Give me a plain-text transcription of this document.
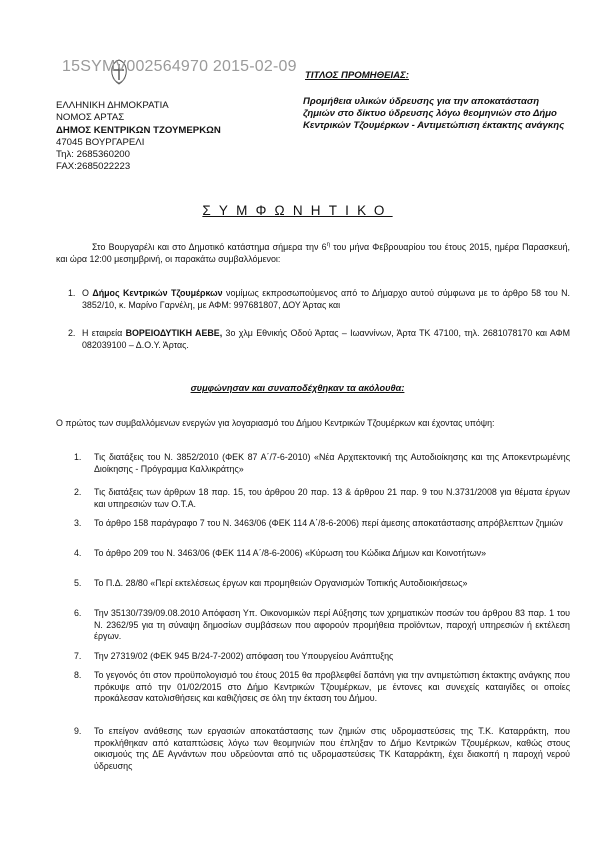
15SYMV002564970 2015-02-09
ΕΛΛΗΝΙΚΗ ΔΗΜΟΚΡΑΤΙΑ
ΝΟΜΟΣ ΑΡΤΑΣ
ΔΗΜΟΣ ΚΕΝΤΡΙΚΩΝ ΤΖΟΥΜΕΡΚΩΝ
47045 ΒΟΥΡΓΑΡΕΛΙ
Τηλ: 2685360200
FAX:2685022223
ΤΙΤΛΟΣ ΠΡΟΜΗΘΕΙΑΣ:
Προμήθεια υλικών ύδρευσης για την αποκατάσταση ζημιών στο δίκτυο ύδρευσης λόγω θεομηνιών στο Δήμο Κεντρικών Τζουμέρκων - Αντιμετώπιση έκτακτης ανάγκης
ΣΥΜΦΩΝΗΤΙΚΟ
Στο Βουργαρέλι και στο Δημοτικό κατάστημα σήμερα την $6^\eta$ του μήνα Φεβρουαρίου του έτους 2015, ημέρα Παρασκευή, και ώρα 12:00 μεσημβρινή, οι παρακάτω συμβαλλόμενοι:
1. Ο Δήμος Κεντρικών Τζουμέρκων νομίμως εκπροσωπούμενος από το Δήμαρχο αυτού σύμφωνα με το άρθρο 58 του Ν. 3852/10, κ. Μαρίνο Γαρνέλη, με ΑΦΜ: 997681807, ΔΟΥ Άρτας και
2. Η εταιρεία ΒΟΡΕΙΟΔΥΤΙΚΗ ΑΕΒΕ, 3ο χλμ Εθνικής Οδού Άρτας – Ιωαννίνων, Άρτα ΤΚ 47100, τηλ. 2681078170 και ΑΦΜ 082039100 – Δ.Ο.Υ. Άρτας.
συμφώνησαν και συναποδέχθηκαν τα ακόλουθα:
Ο πρώτος των συμβαλλόμενων ενεργών για λογαριασμό του Δήμου Κεντρικών Τζουμέρκων και έχοντας υπόψη:
1. Τις διατάξεις του Ν. 3852/2010 (ΦΕΚ 87 Α΄/7-6-2010) «Νέα Αρχιτεκτονική της Αυτοδιοίκησης και της Αποκεντρωμένης Διοίκησης - Πρόγραμμα Καλλικράτης»
2. Τις διατάξεις των άρθρων 18 παρ. 15, του άρθρου 20 παρ. 13 & άρθρου 21 παρ. 9 του Ν.3731/2008 για θέματα έργων και υπηρεσιών των Ο.Τ.Α.
3. Το άρθρο 158 παράγραφο 7 του Ν. 3463/06 (ΦΕΚ 114 Α΄/8-6-2006) περί άμεσης αποκατάστασης απρόβλεπτων ζημιών
4. Το άρθρο 209 του Ν. 3463/06 (ΦΕΚ 114 Α΄/8-6-2006) «Κύρωση του Κώδικα Δήμων και Κοινοτήτων»
5. Το Π.Δ. 28/80 «Περί εκτελέσεως έργων και προμηθειών Οργανισμών Τοπικής Αυτοδιοικήσεως»
6. Την 35130/739/09.08.2010 Απόφαση Υπ. Οικονομικών περί Αύξησης των χρηματικών ποσών του άρθρου 83 παρ. 1 του Ν. 2362/95 για τη σύναψη δημοσίων συμβάσεων που αφορούν προμήθεια προϊόντων, παροχή υπηρεσιών ή εκτέλεση έργων.
7. Την 27319/02 (ΦΕΚ 945 Β/24-7-2002) απόφαση του Υπουργείου Ανάπτυξης
8. Το γεγονός ότι στον προϋπολογισμό του έτους 2015 θα προβλεφθεί δαπάνη για την αντιμετώπιση έκτακτης ανάγκης που πρόκυψε από την 01/02/2015 στο Δήμο Κεντρικών Τζουμέρκων, με έντονες και συνεχείς καταιγίδες οι οποίες προκάλεσαν κατολισθήσεις και καθιζήσεις σε όλη την έκταση του Δήμου.
9. Το επείγον ανάθεσης των εργασιών αποκατάστασης των ζημιών στις υδρομαστεύσεις της Τ.Κ. Καταρράκτη, που προκλήθηκαν από καταπτώσεις λόγω των θεομηνιών που έπληξαν το Δήμο Κεντρικών Τζουμέρκων, καθώς στους οικισμούς της ΔΕ Αγνάντων που υδρεύονται από τις υδρομαστεύσεις ΤΚ Καταρράκτη, έχει διακοπή η παροχή νερού ύδρευσης
